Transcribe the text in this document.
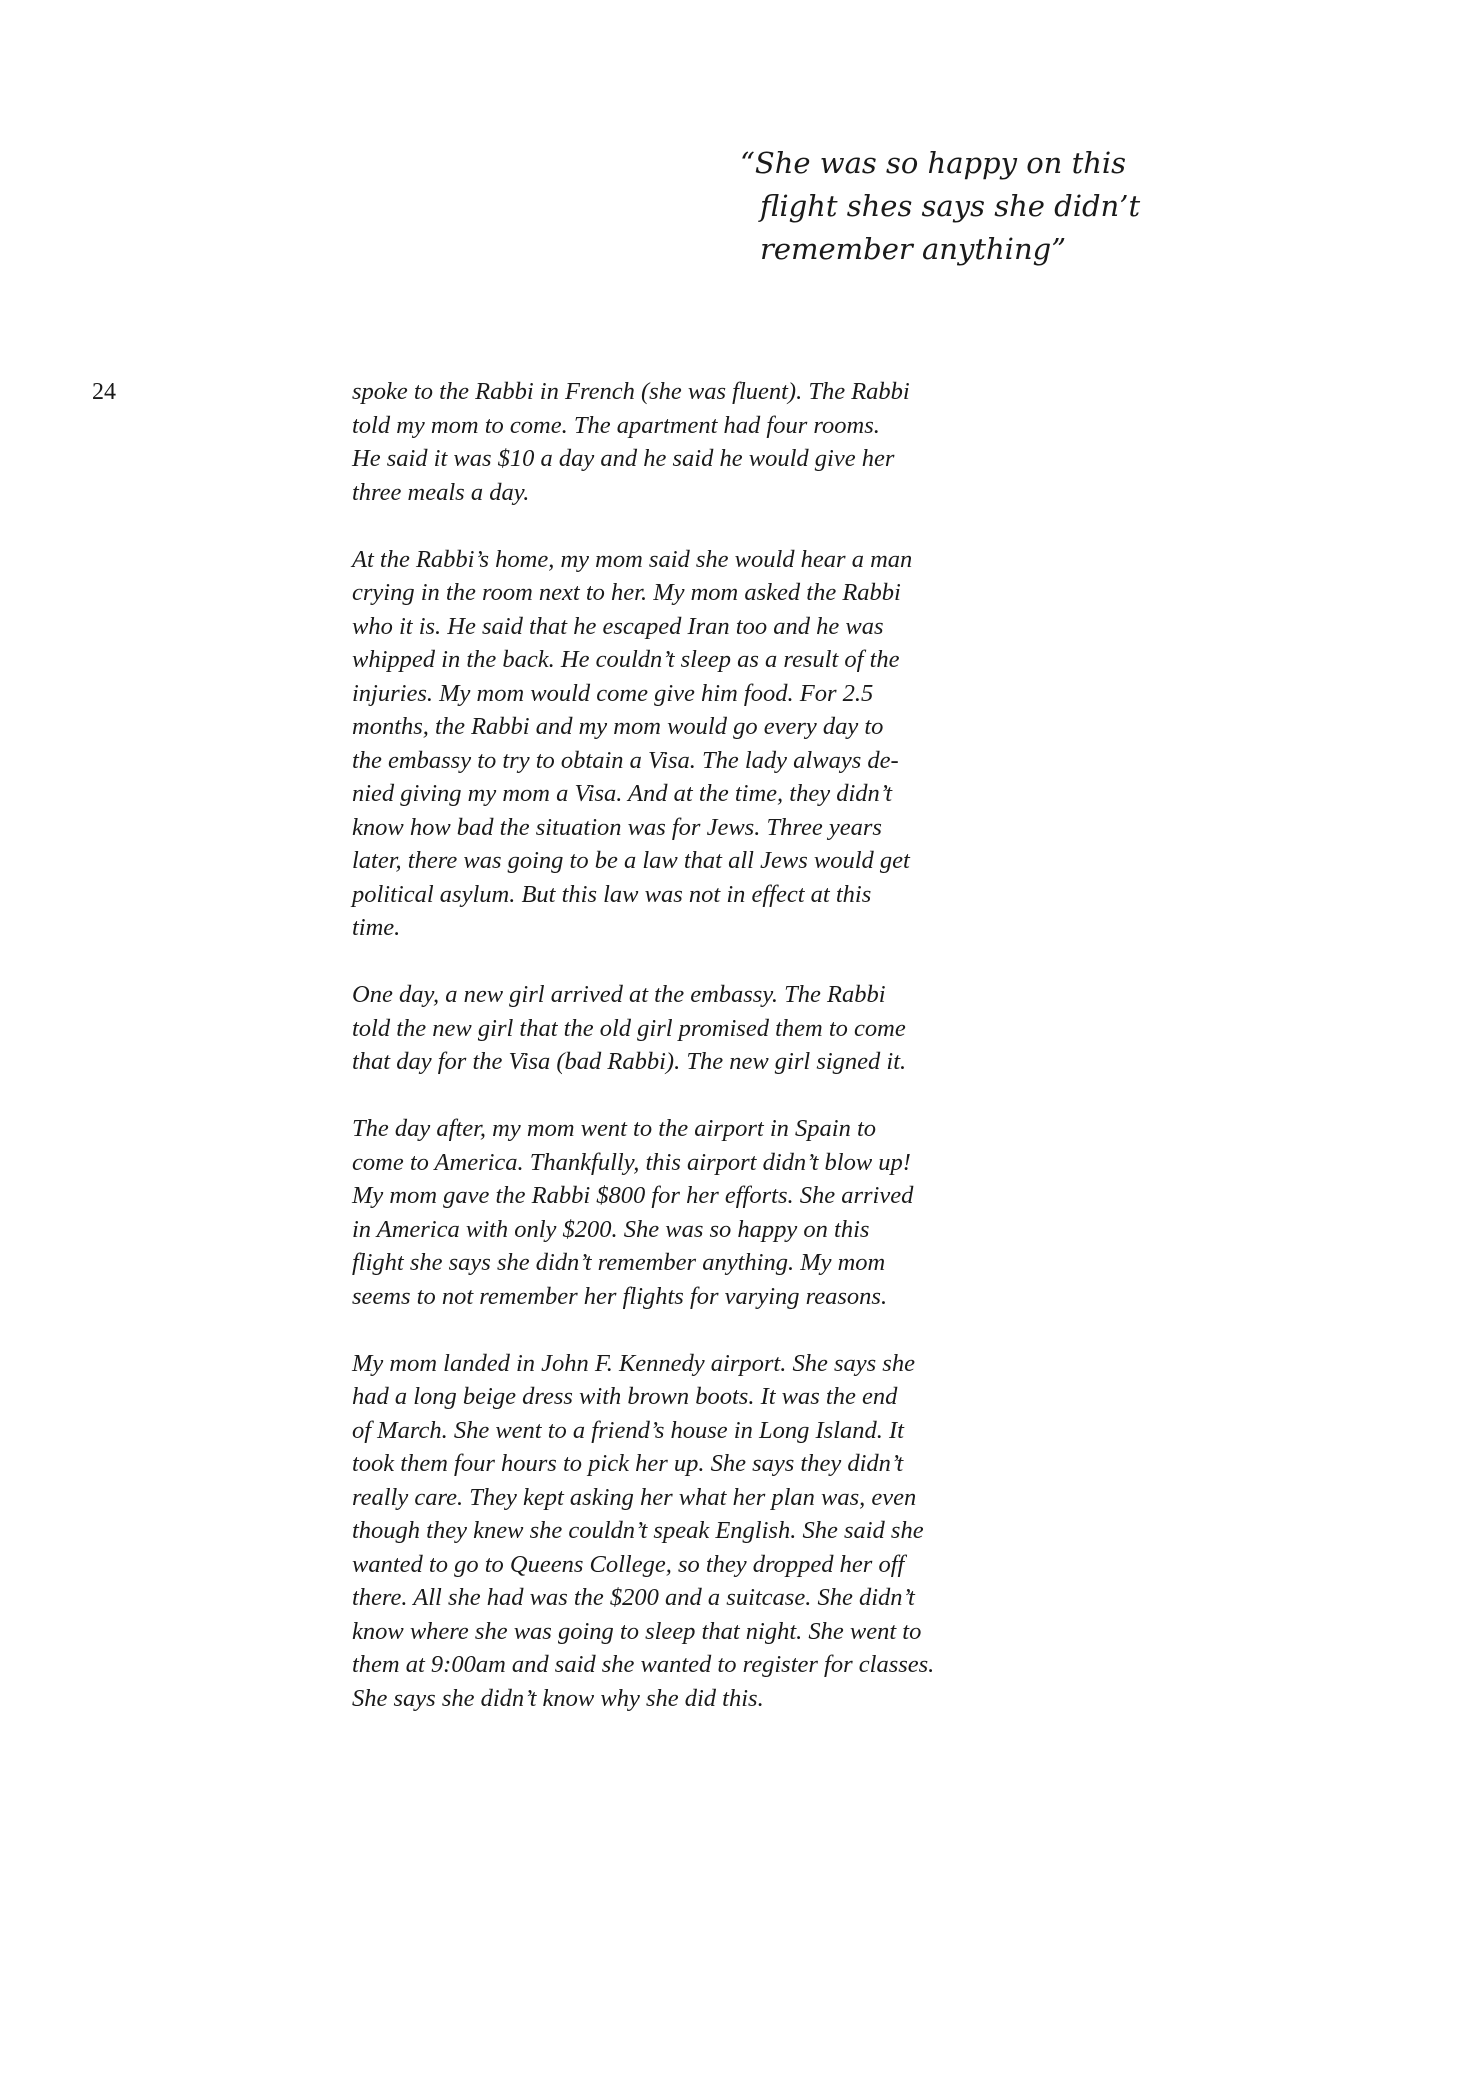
“She was so happy on this
flight shes says she didn’t
remember anything”
24	spoke to the Rabbi in French (she was fluent). The Rabbi
told my mom to come. The apartment had four rooms.
He said it was $10 a day and he said he would give her
three meals a day.
At the Rabbi’s home, my mom said she would hear a man
crying in the room next to her. My mom asked the Rabbi
who it is. He said that he escaped Iran too and he was
whipped in the back. He couldn’t sleep as a result of the
injuries. My mom would come give him food. For 2.5
months, the Rabbi and my mom would go every day to
the embassy to try to obtain a Visa. The lady always de-
nied giving my mom a Visa. And at the time, they didn’t
know how bad the situation was for Jews. Three years
later, there was going to be a law that all Jews would get
political asylum. But this law was not in effect at this
time.
One day, a new girl arrived at the embassy. The Rabbi
told the new girl that the old girl promised them to come
that day for the Visa (bad Rabbi). The new girl signed it.
The day after, my mom went to the airport in Spain to
come to America. Thankfully, this airport didn’t blow up!
My mom gave the Rabbi $800 for her efforts. She arrived
in America with only $200. She was so happy on this
flight she says she didn’t remember anything. My mom
seems to not remember her flights for varying reasons.
My mom landed in John F. Kennedy airport. She says she
had a long beige dress with brown boots. It was the end
of March. She went to a friend’s house in Long Island. It
took them four hours to pick her up. She says they didn’t
really care. They kept asking her what her plan was, even
though they knew she couldn’t speak English. She said she
wanted to go to Queens College, so they dropped her off
there. All she had was the $200 and a suitcase. She didn’t
know where she was going to sleep that night. She went to
them at 9:00am and said she wanted to register for classes.
She says she didn’t know why she did this.
